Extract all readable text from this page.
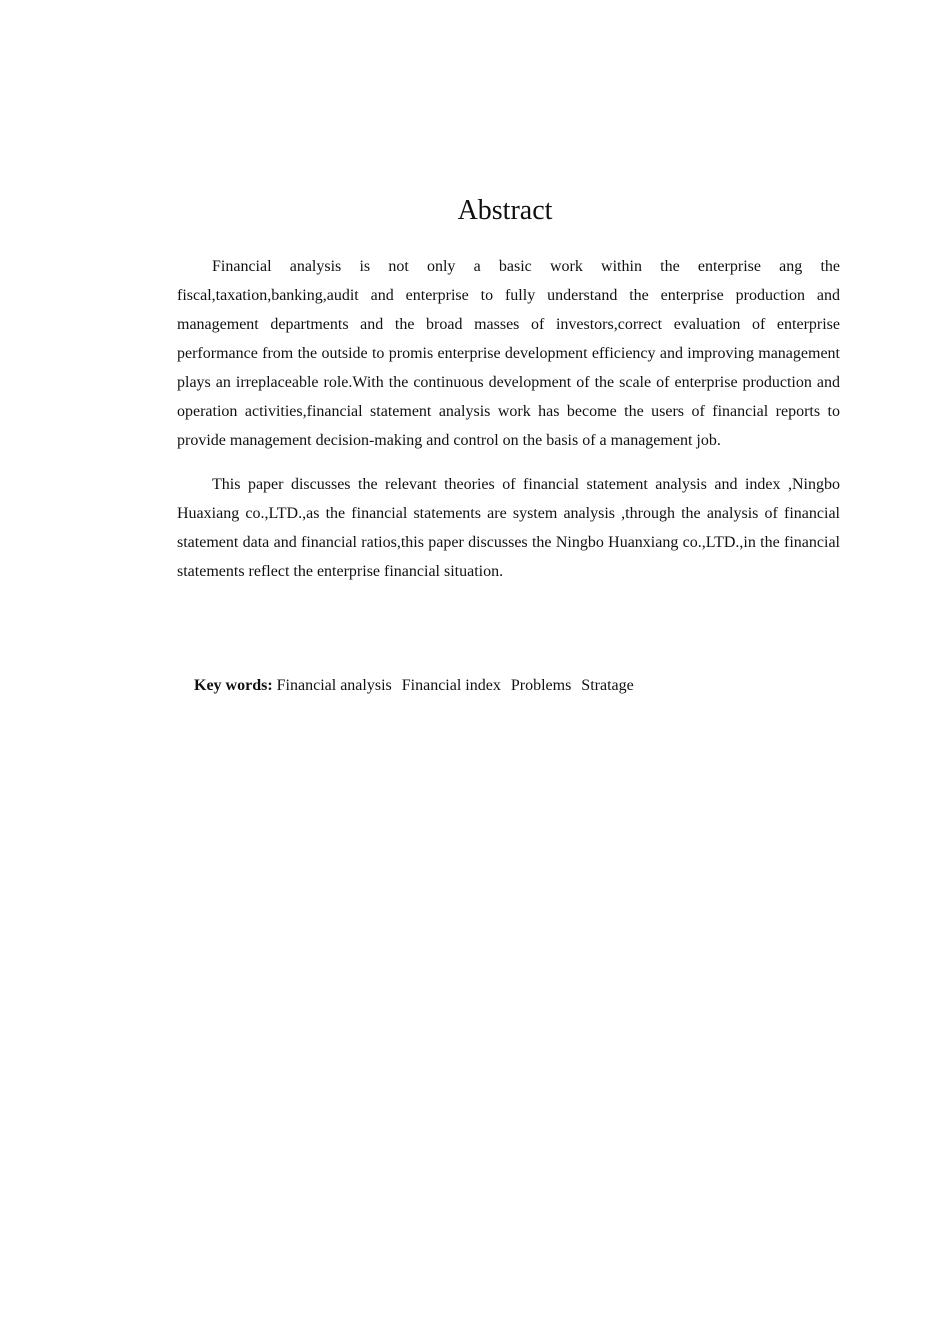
Abstract

Financial analysis is not only a basic work within the enterprise ang the fiscal,taxation,banking,audit and enterprise to fully understand the enterprise production and management departments and the broad masses of investors,correct evaluation of enterprise performance from the outside to promis enterprise development efficiency and improving management plays an irreplaceable role.With the continuous development of the scale of enterprise production and operation activities,financial statement analysis work has become the users of financial reports to provide management decision-making and control on the basis of a management job.

This paper discusses the relevant theories of financial statement analysis and index ,Ningbo Huaxiang co.,LTD.,as the financial statements are system analysis ,through the analysis of financial statement data and financial ratios,this paper discusses the Ningbo Huanxiang co.,LTD.,in the financial statements reflect the enterprise financial situation.

Key words: Financial analysis Financial index Problems Stratage
